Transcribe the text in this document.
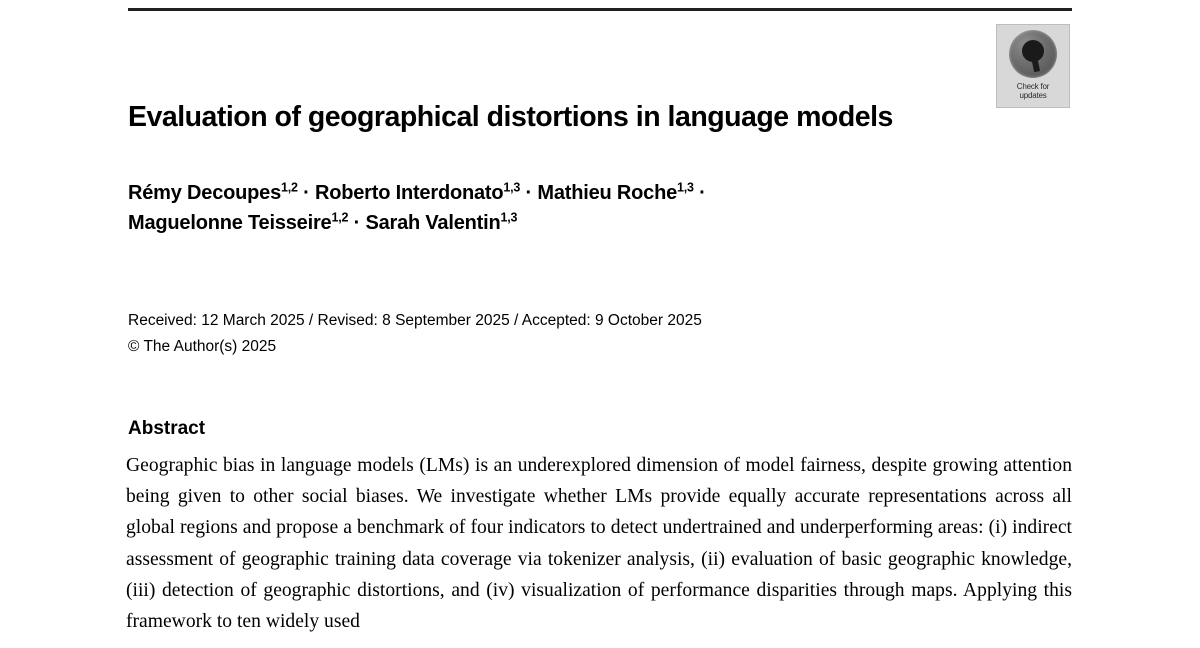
Check for
updates
Evaluation of geographical distortions in language models
Rémy Decoupes$^{1,2}$ · Roberto Interdonato$^{1,3}$ · Mathieu Roche$^{1,3}$ ·
Maguelonne Teisseire$^{1,2}$ · Sarah Valentin$^{1,3}$
Received: 12 March 2025 / Revised: 8 September 2025 / Accepted: 9 October 2025
© The Author(s) 2025
Abstract

Geographic bias in language models (LMs) is an underexplored dimension of model fairness, despite growing attention being given to other social biases. We investigate whether LMs provide equally accurate representations across all global regions and propose a benchmark of four indicators to detect undertrained and underperforming areas: (i) indirect assessment of geographic training data coverage via tokenizer analysis, (ii) evaluation of basic geographic knowledge, (iii) detection of geographic distortions, and (iv) visualization of performance disparities through maps. Applying this framework to ten widely used
